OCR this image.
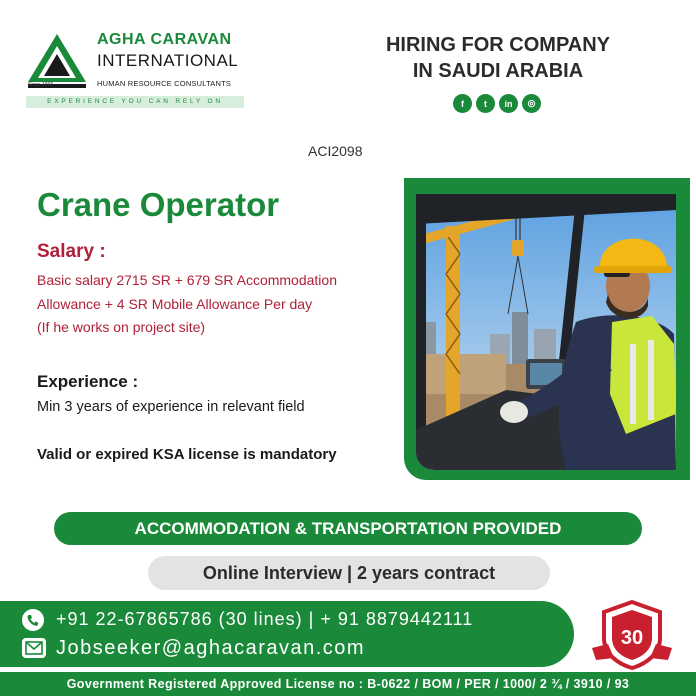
Since 1993
AGHA CARAVAN
INTERNATIONAL
HUMAN RESOURCE CONSULTANTS
EXPERIENCE YOU CAN RELY ON
HIRING FOR COMPANY
IN SAUDI ARABIA
f	t	in	◎
ACI2098
Crane Operator
Salary :
Basic salary 2715 SR + 679 SR Accommodation
Allowance + 4 SR Mobile Allowance Per day
(If he works on project site)
Experience :
Min 3 years of experience in relevant field
Valid or expired KSA license is mandatory
ACCOMMODATION & TRANSPORTATION PROVIDED
Online Interview | 2 years contract
+91 22-67865786 (30 lines) | + 91 8879442111
Jobseeker@aghacaravan.com	30
Government Registered Approved License no : B-0622 / BOM / PER / 1000/ 2 ¾ / 3910 / 93
